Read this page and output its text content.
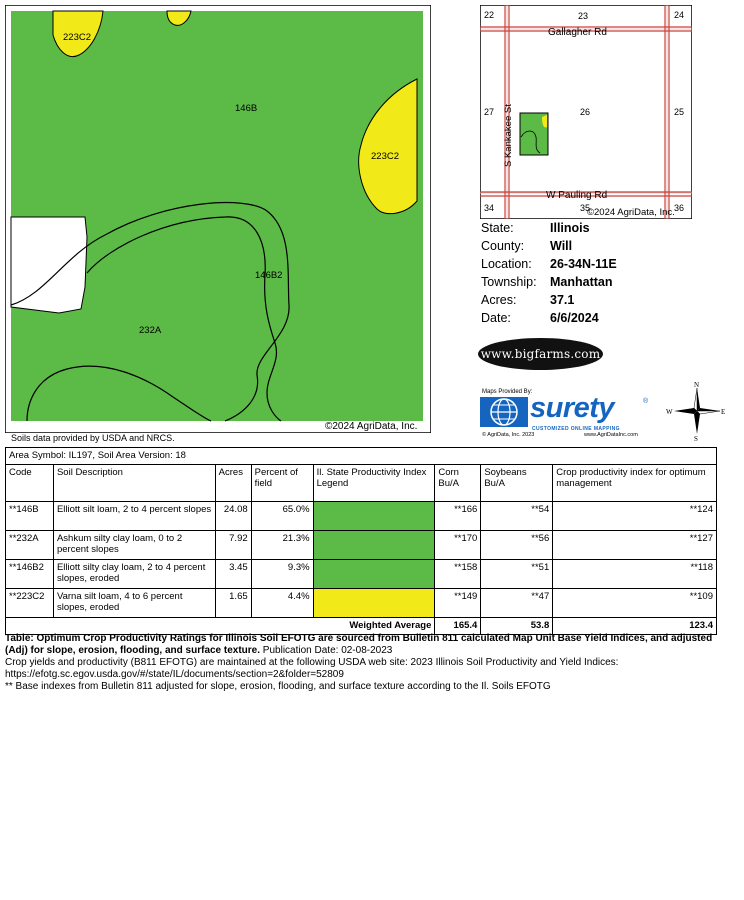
223C2
146B
223C2
146B2
232A
©2024 AgriData, Inc.
Soils data provided by USDA and NRCS.
22	23	24
27	26	25
34	35	36
Gallagher Rd
W Pauling Rd
S Kankakee St
©2024 AgriData, Inc.
State:	Illinois
County:	Will
Location:	26-34N-11E
Township:	Manhattan
Acres:	37.1
Date:	6/6/2024
www.bigfarms.com
Maps Provided By:
surety	®
CUSTOMIZED ONLINE MAPPING
© AgriData, Inc. 2023	www.AgriDataInc.com
N
S
E
W
Area Symbol: IL197, Soil Area Version: 18							
Code	Soil Description	Acres	Percent of field	Il. State Productivity Index Legend	Corn Bu/A	Soybeans Bu/A	Crop productivity index for optimum management
**146B	Elliott silt loam, 2 to 4 percent slopes	24.08	65.0%		**166	**54	**124
**232A	Ashkum silty clay loam, 0 to 2 percent slopes	7.92	21.3%		**170	**56	**127
**146B2	Elliott silty clay loam, 2 to 4 percent slopes, eroded	3.45	9.3%		**158	**51	**118
**223C2	Varna silt loam, 4 to 6 percent slopes, eroded	1.65	4.4%		**149	**47	**109
Weighted Average					165.4	53.8	123.4
Table: Optimum Crop Productivity Ratings for Illinois Soil EFOTG are sourced from Bulletin 811 calculated Map Unit Base Yield Indices, and adjusted (Adj) for slope, erosion, flooding, and surface texture. Publication Date: 02-08-2023
Crop yields and productivity (B811 EFOTG) are maintained at the following USDA web site: 2023 Illinois Soil Productivity and Yield Indices: https://efotg.sc.egov.usda.gov/#/state/IL/documents/section=2&folder=52809
** Base indexes from Bulletin 811 adjusted for slope, erosion, flooding, and surface texture according to the Il. Soils EFOTG
